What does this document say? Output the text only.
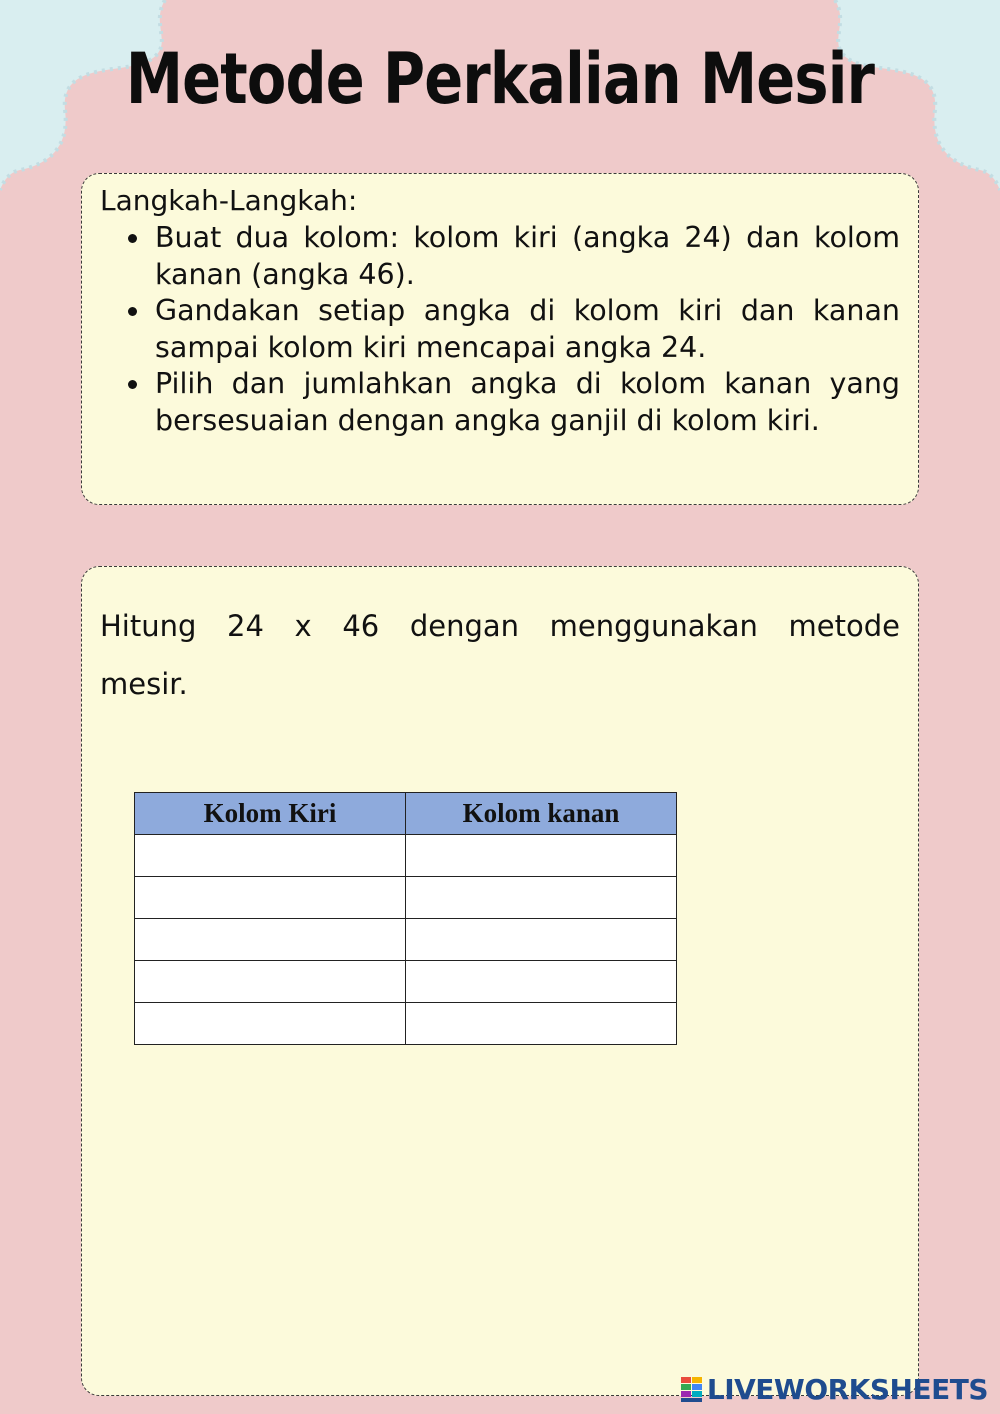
Metode Perkalian Mesir
Langkah-Langkah:
Buat dua kolom: kolom kiri (angka 24) dan kolom kanan (angka 46).
Gandakan setiap angka di kolom kiri dan kanan sampai kolom kiri mencapai angka 24.
Pilih dan jumlahkan angka di kolom kanan yang bersesuaian dengan angka ganjil di kolom kiri.

Hitung 24 x 46 dengan menggunakan metode mesir.

Kolom Kiri	Kolom kanan

LIVEWORKSHEETS
